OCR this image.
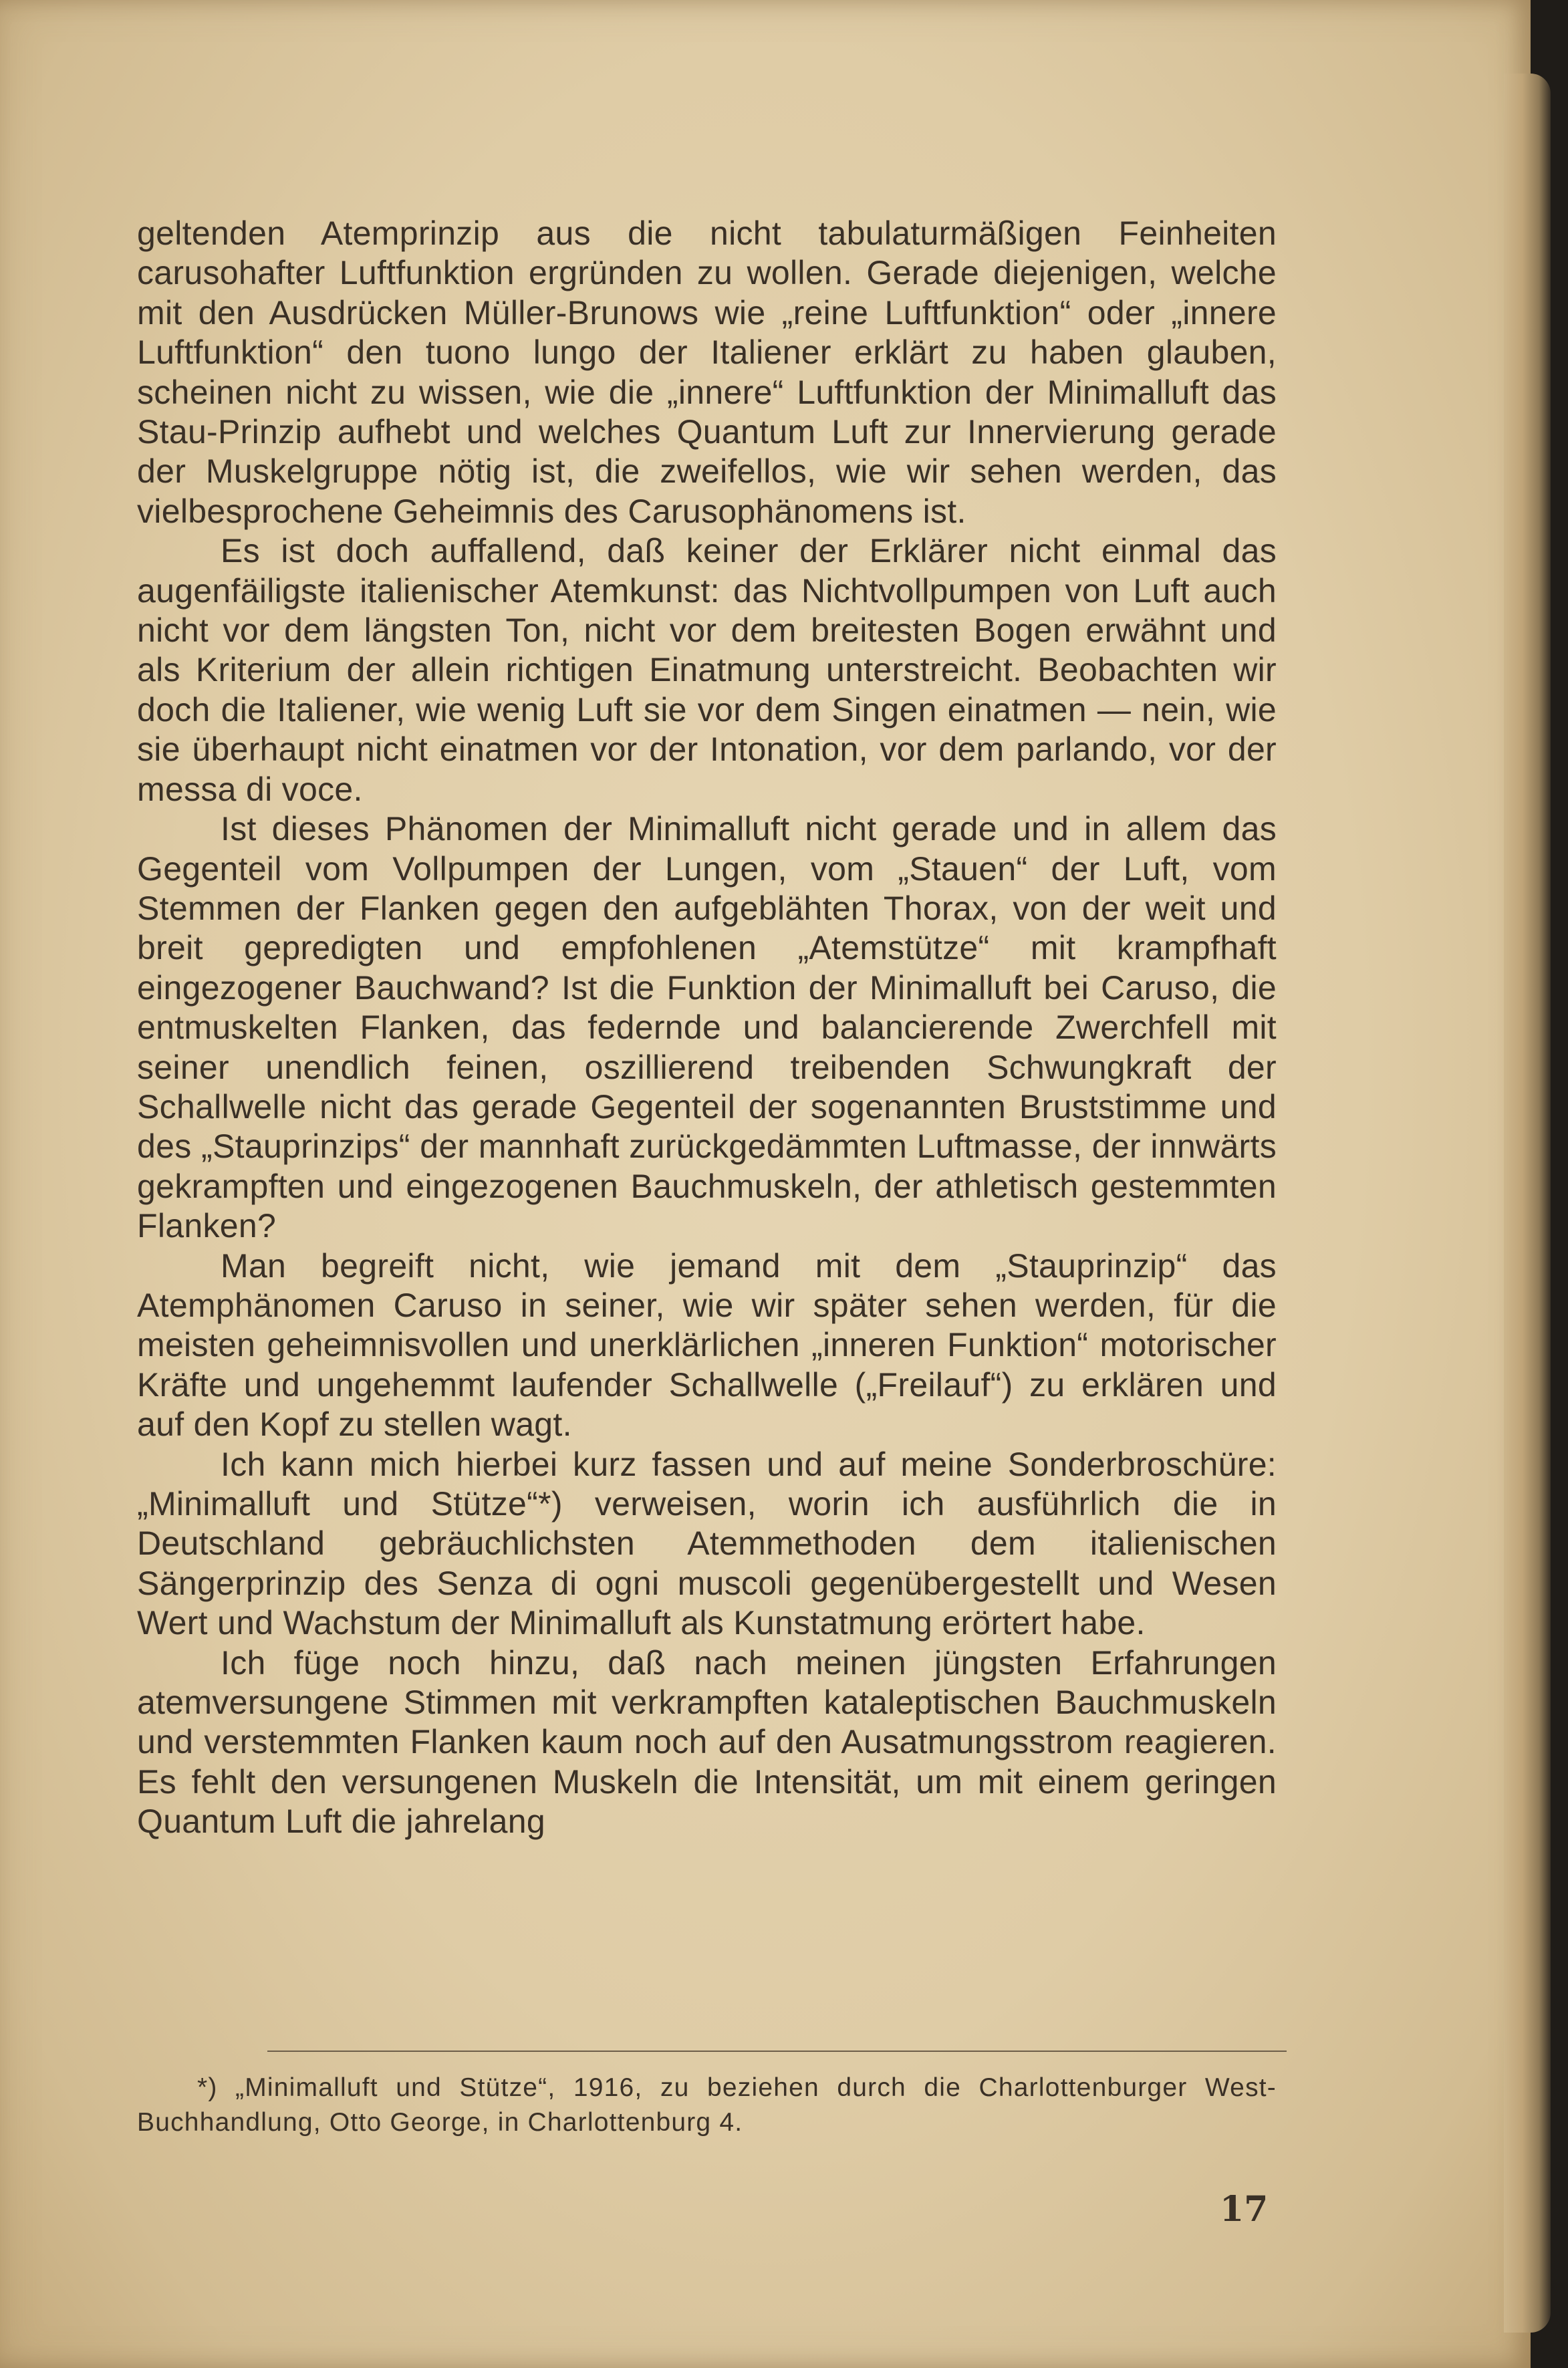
geltenden Atemprinzip aus die nicht tabulaturmäßigen Feinheiten carusohafter Luftfunktion ergründen zu wollen. Gerade diejenigen, welche mit den Ausdrücken Müller-Brunows wie „reine Luftfunktion“ oder „innere Luftfunktion“ den tuono lungo der Italiener erklärt zu haben glauben, scheinen nicht zu wissen, wie die „innere“ Luftfunktion der Minimalluft das Stau-Prinzip aufhebt und welches Quantum Luft zur Innervierung gerade der Muskelgruppe nötig ist, die zweifellos, wie wir sehen werden, das vielbesprochene Geheimnis des Carusophänomens ist.

Es ist doch auffallend, daß keiner der Erklärer nicht einmal das augenfäiligste italienischer Atemkunst: das Nichtvollpumpen von Luft auch nicht vor dem längsten Ton, nicht vor dem breitesten Bogen erwähnt und als Kriterium der allein richtigen Einatmung unterstreicht. Beobachten wir doch die Italiener, wie wenig Luft sie vor dem Singen einatmen — nein, wie sie überhaupt nicht einatmen vor der Intonation, vor dem parlando, vor der messa di voce.

Ist dieses Phänomen der Minimalluft nicht gerade und in allem das Gegenteil vom Vollpumpen der Lungen, vom „Stauen“ der Luft, vom Stemmen der Flanken gegen den aufgeblähten Thorax, von der weit und breit gepredigten und empfohlenen „Atemstütze“ mit krampfhaft eingezogener Bauchwand? Ist die Funktion der Minimalluft bei Caruso, die entmuskelten Flanken, das federnde und balancierende Zwerchfell mit seiner unendlich feinen, oszillierend treibenden Schwungkraft der Schallwelle nicht das gerade Gegenteil der sogenannten Bruststimme und des „Stauprinzips“ der mannhaft zurückgedämmten Luftmasse, der innwärts gekrampften und eingezogenen Bauchmuskeln, der athletisch gestemmten Flanken?

Man begreift nicht, wie jemand mit dem „Stauprinzip“ das Atemphänomen Caruso in seiner, wie wir später sehen werden, für die meisten geheimnisvollen und unerklärlichen „inneren Funktion“ motorischer Kräfte und ungehemmt laufender Schallwelle („Freilauf“) zu erklären und auf den Kopf zu stellen wagt.

Ich kann mich hierbei kurz fassen und auf meine Sonderbroschüre: „Minimalluft und Stütze“*) verweisen, worin ich ausführlich die in Deutschland gebräuchlichsten Atemmethoden dem italienischen Sängerprinzip des Senza di ogni muscoli gegenübergestellt und Wesen Wert und Wachstum der Minimalluft als Kunstatmung erörtert habe.

Ich füge noch hinzu, daß nach meinen jüngsten Erfahrungen atemversungene Stimmen mit verkrampften kataleptischen Bauchmuskeln und verstemmten Flanken kaum noch auf den Ausatmungsstrom reagieren. Es fehlt den versungenen Muskeln die Intensität, um mit einem geringen Quantum Luft die jahrelang

*) „Minimalluft und Stütze“, 1916, zu beziehen durch die Charlottenburger West-Buchhandlung, Otto George, in Charlottenburg 4.
17
